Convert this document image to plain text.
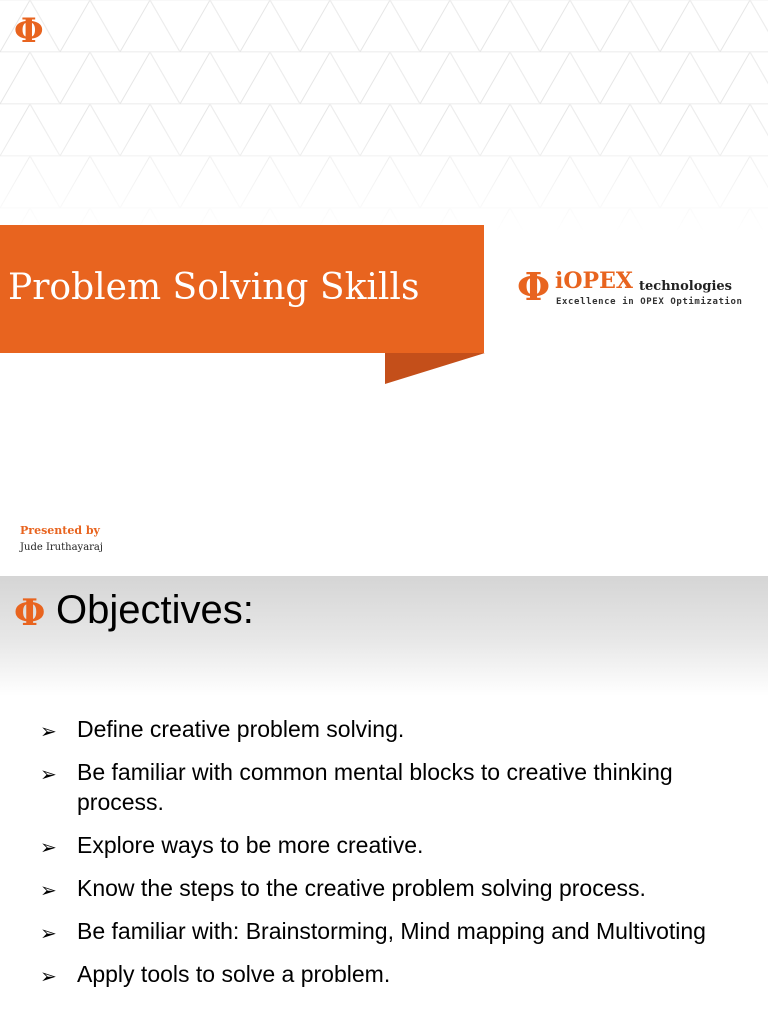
Φ
Problem Solving Skills	Φ iOPEX technologies
Excellence in OPEX Optimization
Presented by
Jude Iruthayaraj
Φ Objectives:
➢ Define creative problem solving.
➢ Be familiar with common mental blocks to creative thinking process.
➢ Explore ways to be more creative.
➢ Know the steps to the creative problem solving process.
➢ Be familiar with: Brainstorming, Mind mapping and Multivoting
➢ Apply tools to solve a problem.
